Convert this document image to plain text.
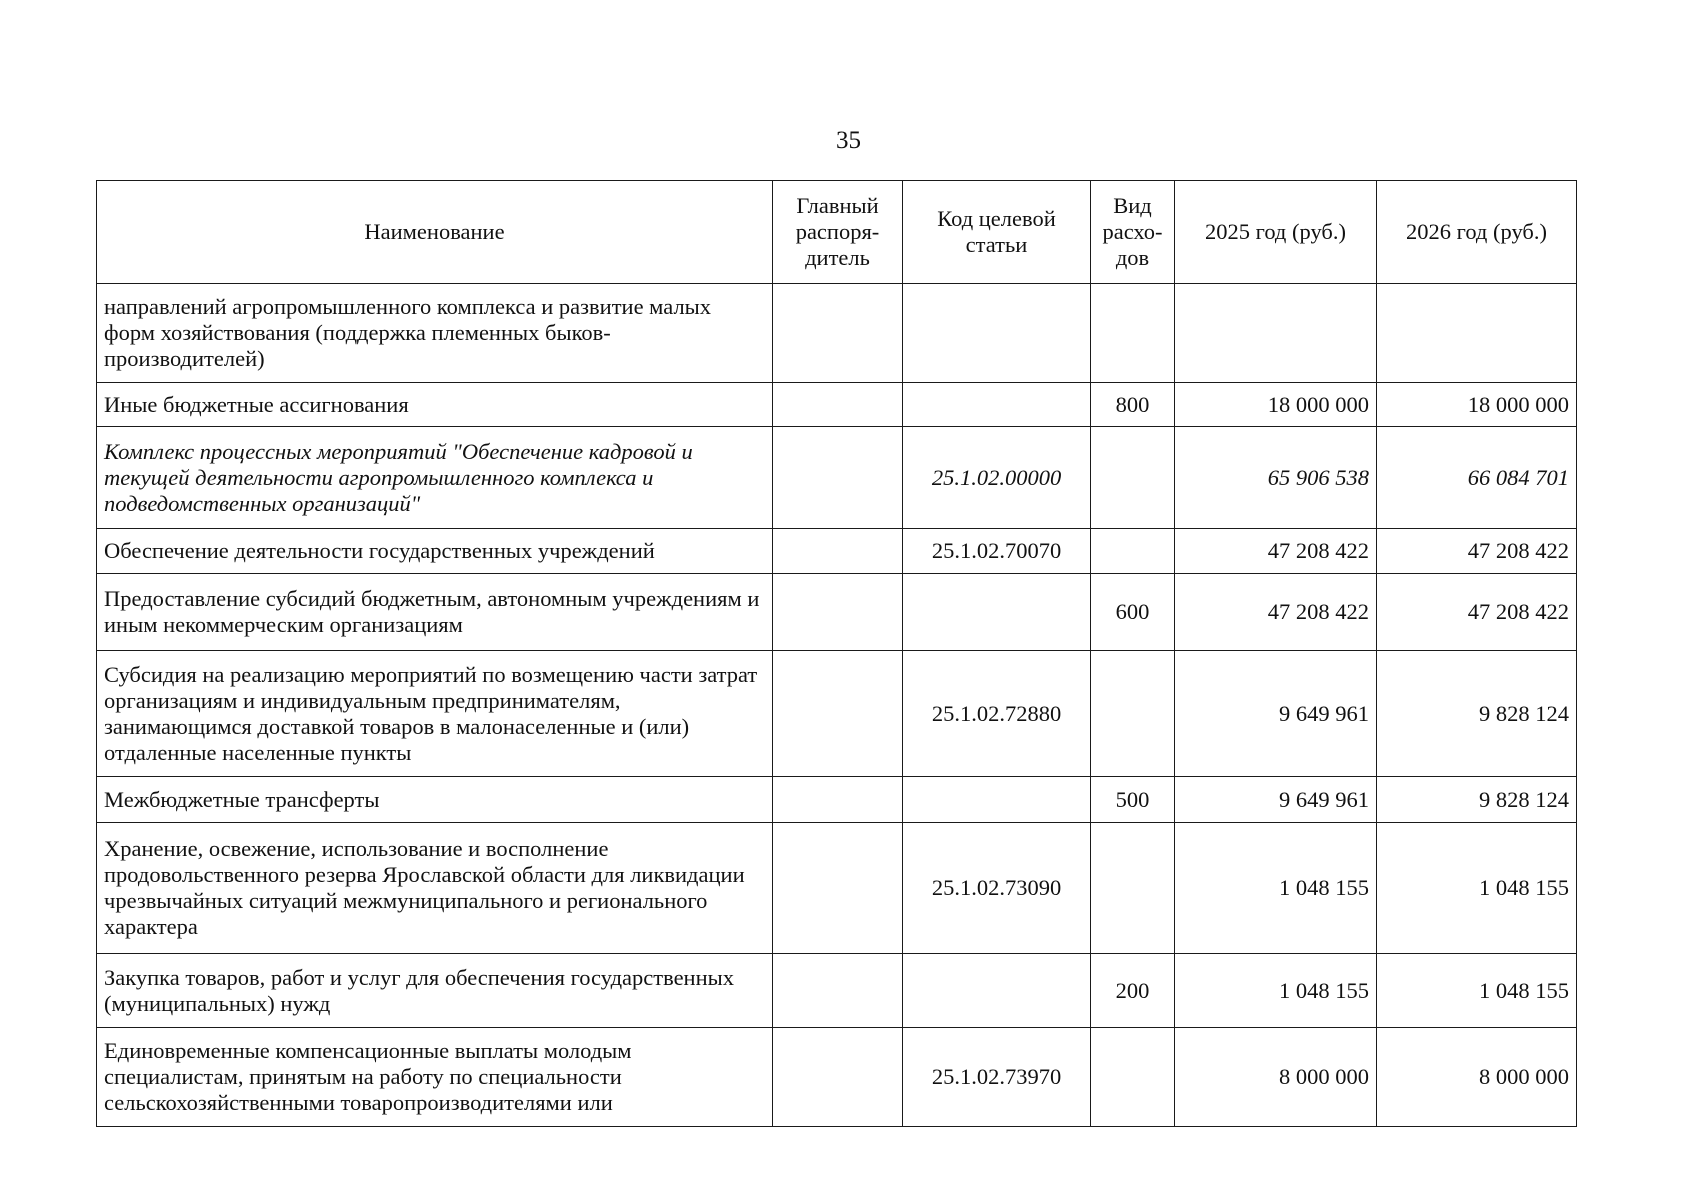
35
Наименование	Главный распоря-дитель	Код целевой статьи	Вид расхо-дов	2025 год (руб.)	2026 год (руб.)
направлений агропромышленного комплекса и развитие малых форм хозяйствования (поддержка племенных быков-производителей)					
Иные бюджетные ассигнования			800	18 000 000	18 000 000
Комплекс процессных мероприятий "Обеспечение кадровой и текущей деятельности агропромышленного комплекса и подведомственных организаций"		25.1.02.00000		65 906 538	66 084 701
Обеспечение деятельности государственных учреждений		25.1.02.70070		47 208 422	47 208 422
Предоставление субсидий бюджетным, автономным учреждениям и иным некоммерческим организациям			600	47 208 422	47 208 422
Субсидия на реализацию мероприятий по возмещению части затрат организациям и индивидуальным предпринимателям, занимающимся доставкой товаров в малонаселенные и (или) отдаленные населенные пункты		25.1.02.72880		9 649 961	9 828 124
Межбюджетные трансферты			500	9 649 961	9 828 124
Хранение, освежение, использование и восполнение продовольственного резерва Ярославской области для ликвидации чрезвычайных ситуаций межмуниципального и регионального характера		25.1.02.73090		1 048 155	1 048 155
Закупка товаров, работ и услуг для обеспечения государственных (муниципальных) нужд			200	1 048 155	1 048 155
Единовременные компенсационные выплаты молодым специалистам, принятым на работу по специальности сельскохозяйственными товаропроизводителями или		25.1.02.73970		8 000 000	8 000 000
